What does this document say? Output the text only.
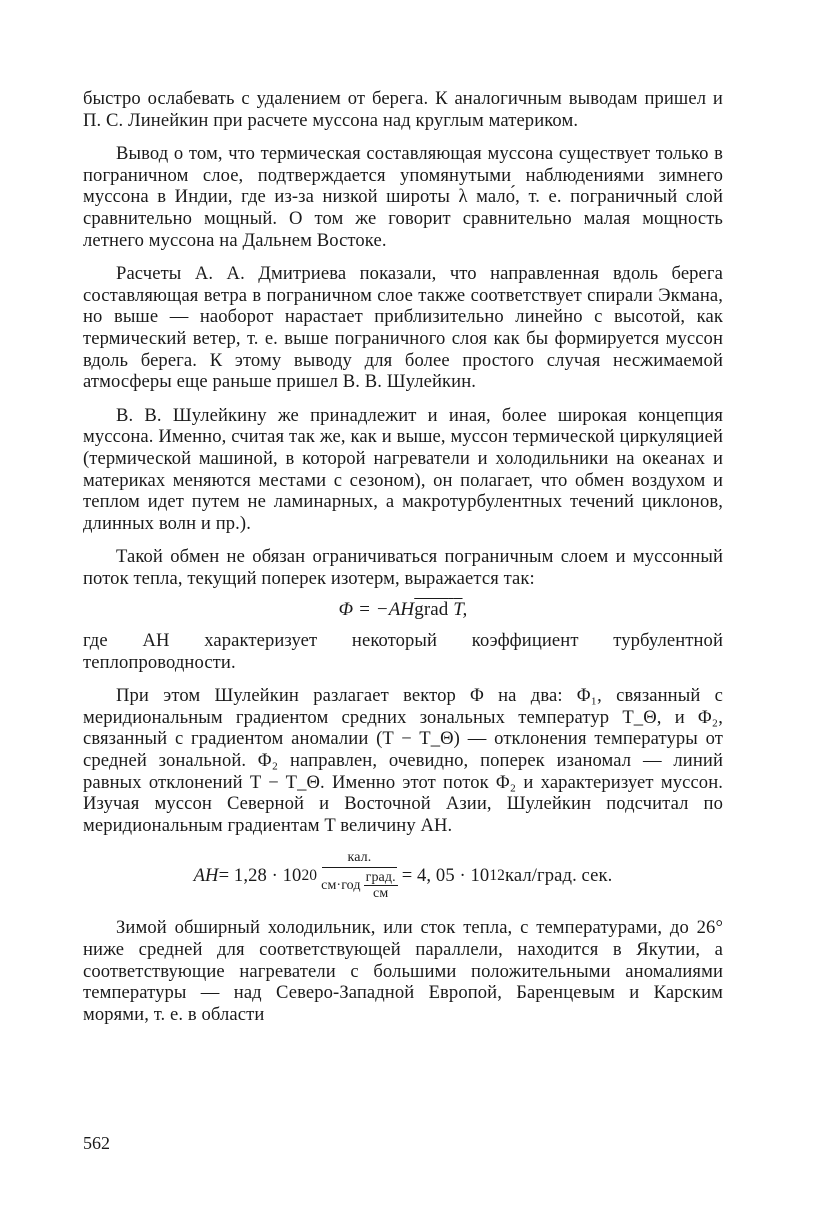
быстро ослабевать с удалением от берега. К аналогичным выводам пришел и П. С. Линейкин при расчете муссона над круглым материком.

Вывод о том, что термическая составляющая муссона существует только в пограничном слое, подтверждается упомянутыми наблюдениями зимнего муссона в Индии, где из-за низкой широты λ мало́, т. е. пограничный слой сравнительно мощный. О том же говорит сравнительно малая мощность летнего муссона на Дальнем Востоке.

Расчеты А. А. Дмитриева показали, что направленная вдоль берега составляющая ветра в пограничном слое также соответствует спирали Экмана, но выше — наоборот нарастает приблизительно линейно с высотой, как термический ветер, т. е. выше пограничного слоя как бы формируется муссон вдоль берега. К этому выводу для более простого случая несжимаемой атмосферы еще раньше пришел В. В. Шулейкин.

В. В. Шулейкину же принадлежит и иная, более широкая концепция муссона. Именно, считая так же, как и выше, муссон термической циркуляцией (термической машиной, в которой нагреватели и холодильники на океанах и материках меняются местами с сезоном), он полагает, что обмен воздухом и теплом идет путем не ламинарных, а макротурбулентных течений циклонов, длинных волн и пр.).

Такой обмен не обязан ограничиваться пограничным слоем и муссонный поток тепла, текущий поперек изотерм, выражается так:

Φ = −AHgrad T,

где AH характеризует некоторый коэффициент турбулентной теплопроводности.

При этом Шулейкин разлагает вектор Φ на два: Φ₁, связанный с меридиональным градиентом средних зональных температур T_Θ, и Φ₂, связанный с градиентом аномалии (T − T_Θ) — отклонения температуры от средней зональной. Φ₂ направлен, очевидно, поперек изаномал — линий равных отклонений T − T_Θ. Именно этот поток Φ₂ и характеризует муссон. Изучая муссон Северной и Восточной Азии, Шулейкин подсчитал по меридиональным градиентам T величину AH.

AH = 1,28 · 10 20 кал.
см·год град.
см = 4, 05 · 10 12 кал/град. сек.

Зимой обширный холодильник, или сток тепла, с температурами, до 26° ниже средней для соответствующей параллели, находится в Якутии, а соответствующие нагреватели с большими положительными аномалиями температуры — над Северо-Западной Европой, Баренцевым и Карским морями, т. е. в области

562
